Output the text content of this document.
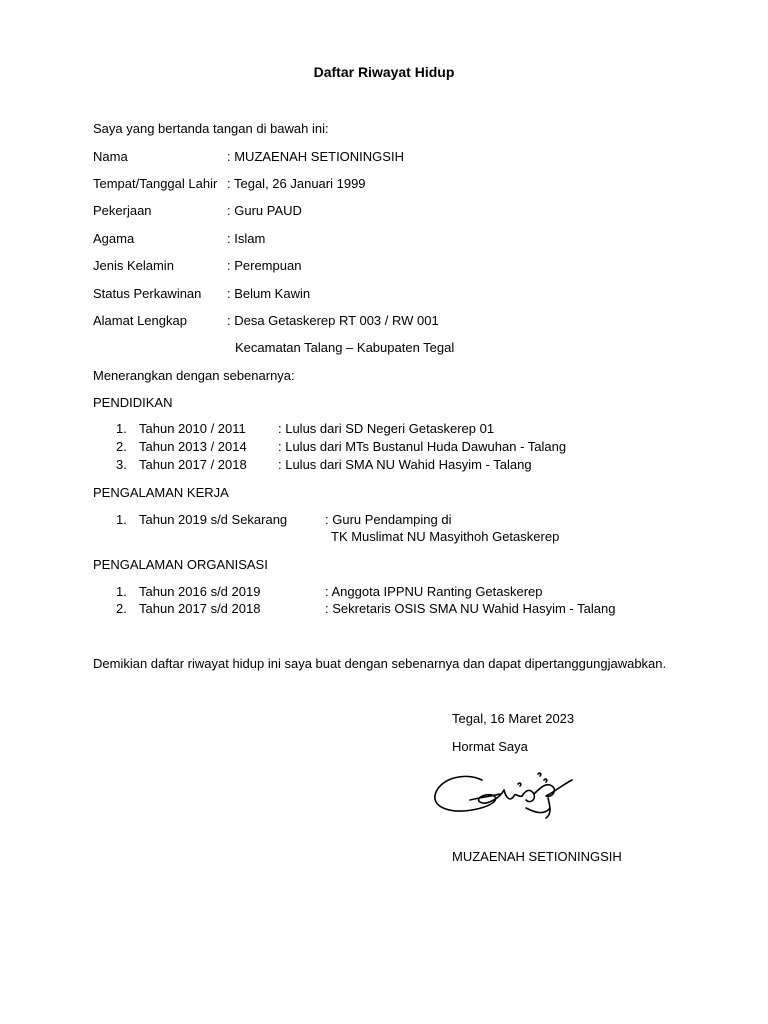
Daftar Riwayat Hidup
Saya yang bertanda tangan di bawah ini:
Nama	: MUZAENAH SETIONINGSIH
Tempat/Tanggal Lahir : Tegal, 26 Januari 1999
Pekerjaan	: Guru PAUD
Agama	: Islam
Jenis Kelamin	: Perempuan
Status Perkawinan : Belum Kawin
Alamat Lengkap	: Desa Getaskerep RT 003 / RW 001
Kecamatan Talang – Kabupaten Tegal
Menerangkan dengan sebenarnya:
PENDIDIKAN
1. Tahun 2010 / 2011 : Lulus dari SD Negeri Getaskerep 01
2. Tahun 2013 / 2014 : Lulus dari MTs Bustanul Huda Dawuhan - Talang
3. Tahun 2017 / 2018 : Lulus dari SMA NU Wahid Hasyim - Talang
PENGALAMAN KERJA
1. Tahun 2019 s/d Sekarang	: Guru Pendamping di
TK Muslimat NU Masyithoh Getaskerep
PENGALAMAN ORGANISASI
1. Tahun 2016 s/d 2019	: Anggota IPPNU Ranting Getaskerep
2. Tahun 2017 s/d 2018	: Sekretaris OSIS SMA NU Wahid Hasyim - Talang
Demikian daftar riwayat hidup ini saya buat dengan sebenarnya dan dapat dipertanggungjawabkan.
Tegal, 16 Maret 2023
Hormat Saya
MUZAENAH SETIONINGSIH
